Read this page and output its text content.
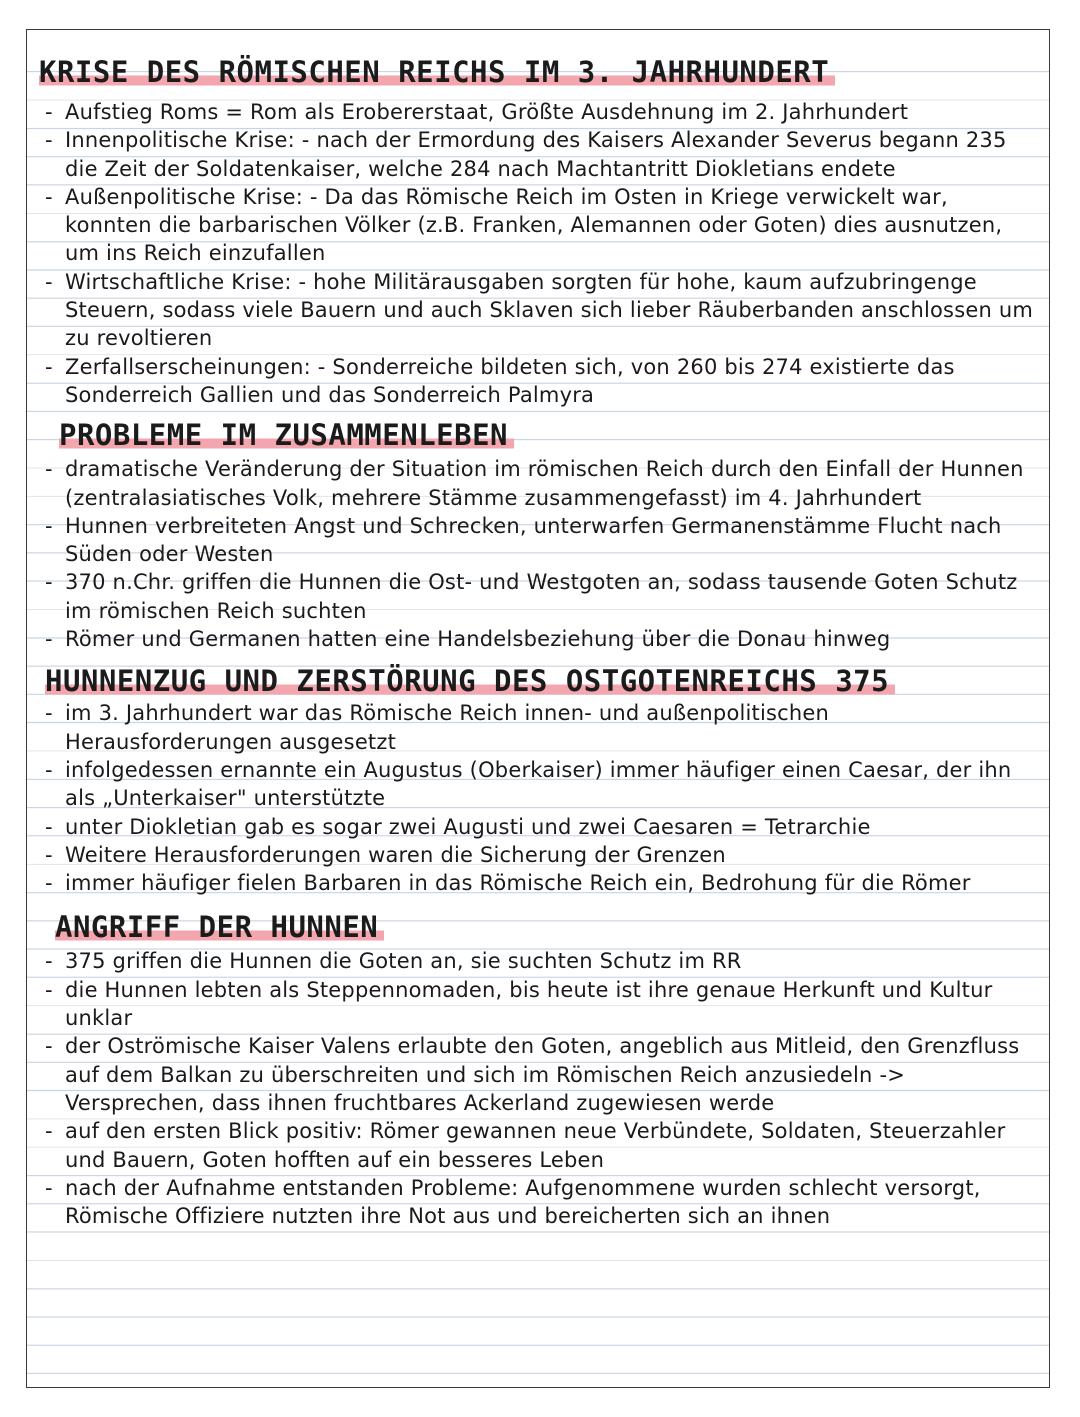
KRISE DES RÖMISCHEN REICHS IM 3. JAHRHUNDERT
- Aufstieg Roms = Rom als Erobererstaat, Größte Ausdehnung im 2. Jahrhundert
- Innenpolitische Krise: - nach der Ermordung des Kaisers Alexander Severus begann 235 die Zeit der Soldatenkaiser, welche 284 nach Machtantritt Diokletians endete
- Außenpolitische Krise: - Da das Römische Reich im Osten in Kriege verwickelt war, konnten die barbarischen Völker (z.B. Franken, Alemannen oder Goten) dies ausnutzen, um ins Reich einzufallen
- Wirtschaftliche Krise: - hohe Militärausgaben sorgten für hohe, kaum aufzubringenge Steuern, sodass viele Bauern und auch Sklaven sich lieber Räuberbanden anschlossen um zu revoltieren
- Zerfallserscheinungen: - Sonderreiche bildeten sich, von 260 bis 274 existierte das Sonderreich Gallien und das Sonderreich Palmyra
PROBLEME IM ZUSAMMENLEBEN
- dramatische Veränderung der Situation im römischen Reich durch den Einfall der Hunnen (zentralasiatisches Volk, mehrere Stämme zusammengefasst) im 4. Jahrhundert
- Hunnen verbreiteten Angst und Schrecken, unterwarfen Germanenstämme Flucht nach Süden oder Westen
- 370 n.Chr. griffen die Hunnen die Ost- und Westgoten an, sodass tausende Goten Schutz im römischen Reich suchten
- Römer und Germanen hatten eine Handelsbeziehung über die Donau hinweg
HUNNENZUG UND ZERSTÖRUNG DES OSTGOTENREICHS 375
- im 3. Jahrhundert war das Römische Reich innen- und außenpolitischen Herausforderungen ausgesetzt
- infolgedessen ernannte ein Augustus (Oberkaiser) immer häufiger einen Caesar, der ihn als „Unterkaiser" unterstützte
- unter Diokletian gab es sogar zwei Augusti und zwei Caesaren = Tetrarchie
- Weitere Herausforderungen waren die Sicherung der Grenzen
- immer häufiger fielen Barbaren in das Römische Reich ein, Bedrohung für die Römer
ANGRIFF DER HUNNEN
- 375 griffen die Hunnen die Goten an, sie suchten Schutz im RR
- die Hunnen lebten als Steppennomaden, bis heute ist ihre genaue Herkunft und Kultur unklar
- der Oströmische Kaiser Valens erlaubte den Goten, angeblich aus Mitleid, den Grenzfluss auf dem Balkan zu überschreiten und sich im Römischen Reich anzusiedeln -> Versprechen, dass ihnen fruchtbares Ackerland zugewiesen werde
- auf den ersten Blick positiv: Römer gewannen neue Verbündete, Soldaten, Steuerzahler und Bauern, Goten hofften auf ein besseres Leben
- nach der Aufnahme entstanden Probleme: Aufgenommene wurden schlecht versorgt, Römische Offiziere nutzten ihre Not aus und bereicherten sich an ihnen
